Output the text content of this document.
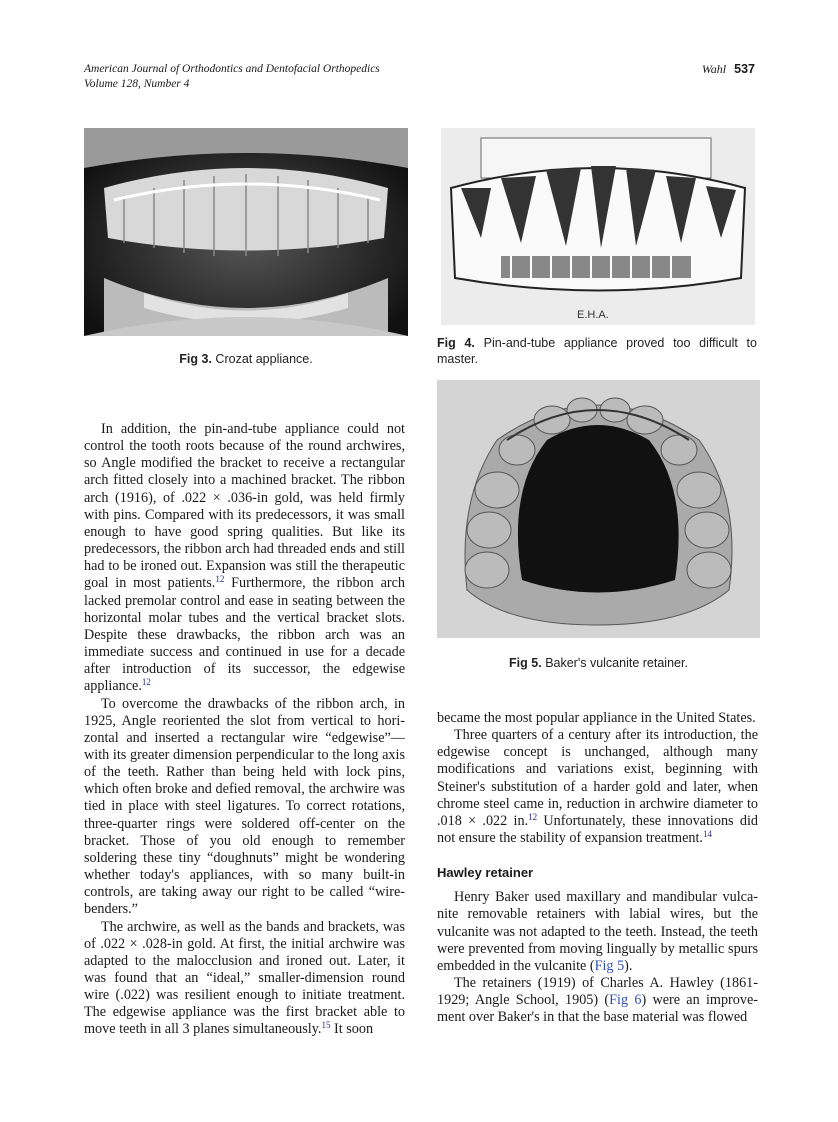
American Journal of Orthodontics and Dentofacial Orthopedics
Volume 128, Number 4
Wahl 537
Fig 3. Crozat appliance.
E.H.A.
Fig 4. Pin-and-tube appliance proved too difficult to master.
Fig 5. Baker's vulcanite retainer.

In addition, the pin-and-tube appliance could not control the tooth roots because of the round archwires, so Angle modified the bracket to receive a rectangular arch fitted closely into a machined bracket. The ribbon arch (1916), of .022 × .036-in gold, was held firmly with pins. Compared with its predecessors, it was small enough to have good spring qualities. But like its predecessors, the ribbon arch had threaded ends and still had to be ironed out. Expansion was still the therapeutic goal in most patients.$^{12}$ Furthermore, the ribbon arch lacked premolar control and ease in seating between the horizontal molar tubes and the vertical bracket slots. Despite these drawbacks, the ribbon arch was an immediate success and continued in use for a decade after introduction of its successor, the edgewise appliance.$^{12}$

To overcome the drawbacks of the ribbon arch, in 1925, Angle reoriented the slot from vertical to hori-zontal and inserted a rectangular wire “edgewise”—with its greater dimension perpendicular to the long axis of the teeth. Rather than being held with lock pins, which often broke and defied removal, the archwire was tied in place with steel ligatures. To correct rotations, three-quarter rings were soldered off-center on the bracket. Those of you old enough to remember soldering these tiny “doughnuts” might be wondering whether today's appliances, with so many built-in controls, are taking away our right to be called “wire-benders.”

The archwire, as well as the bands and brackets, was of .022 × .028-in gold. At first, the initial archwire was adapted to the malocclusion and ironed out. Later, it was found that an “ideal,” smaller-dimension round wire (.022) was resilient enough to initiate treatment. The edgewise appliance was the first bracket able to move teeth in all 3 planes simultaneously.$^{15}$ It soon

became the most popular appliance in the United States.

Three quarters of a century after its introduction, the edgewise concept is unchanged, although many modifications and variations exist, beginning with Steiner's substitution of a harder gold and later, when chrome steel came in, reduction in archwire diameter to .018 × .022 in.$^{12}$ Unfortunately, these innovations did not ensure the stability of expansion treatment.$^{14}$

Hawley retainer

Henry Baker used maxillary and mandibular vulca-nite removable retainers with labial wires, but the vulcanite was not adapted to the teeth. Instead, the teeth were prevented from moving lingually by metallic spurs embedded in the vulcanite (Fig 5).

The retainers (1919) of Charles A. Hawley (1861-1929; Angle School, 1905) (Fig 6) were an improve-ment over Baker's in that the base material was flowed
